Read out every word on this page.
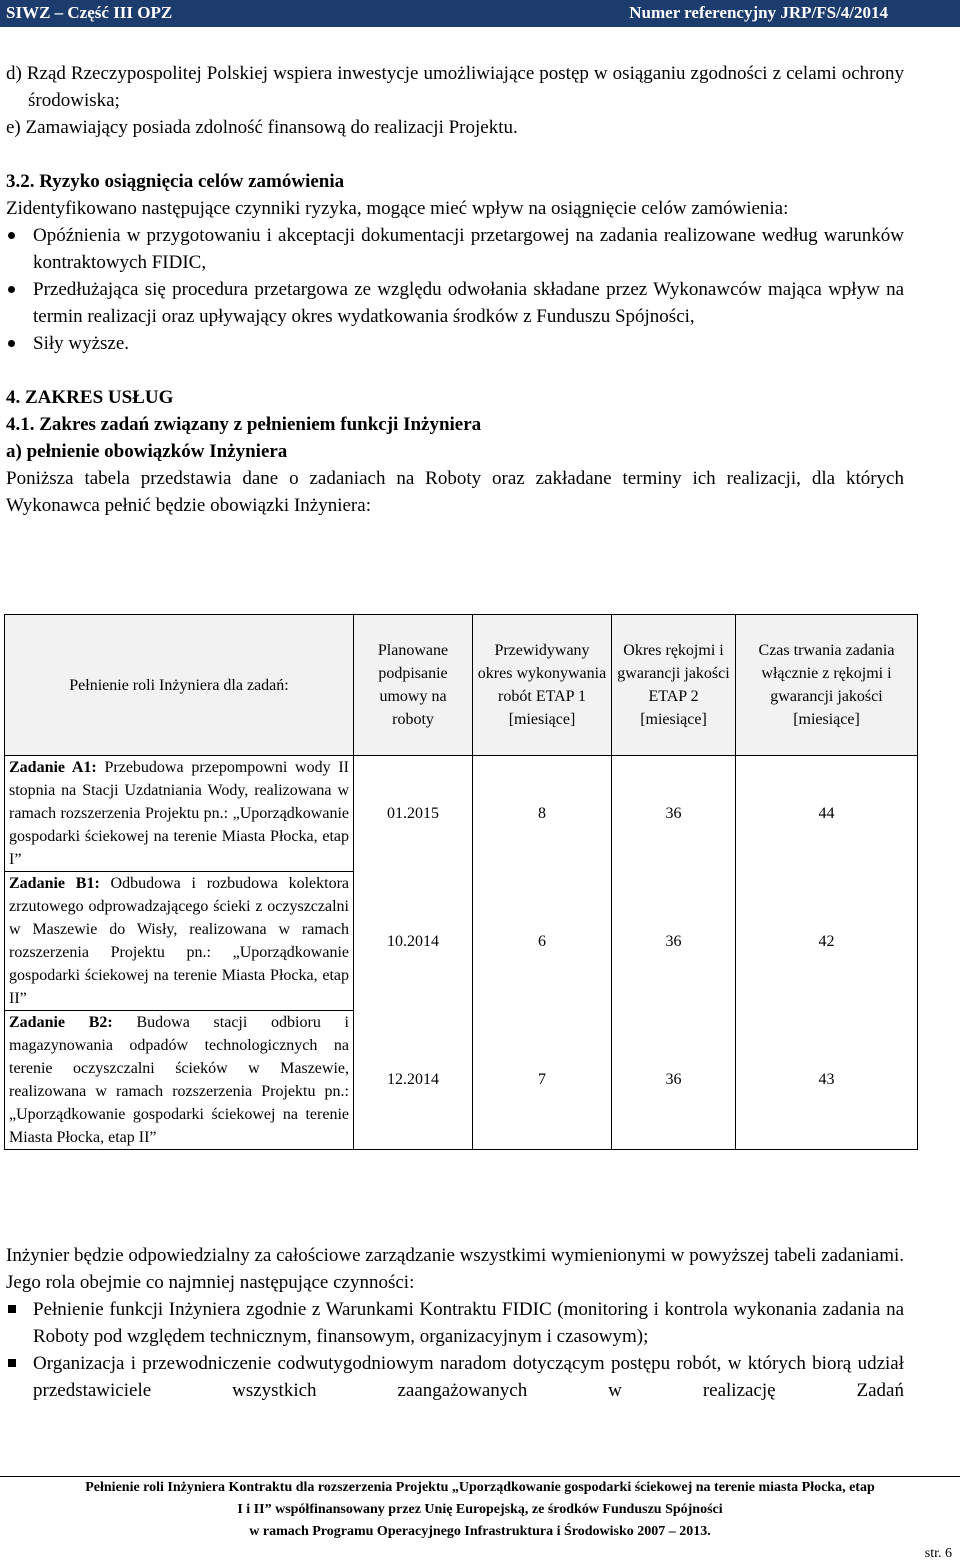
SIWZ – Część III OPZ	Numer referencyjny JRP/FS/4/2014

d) Rząd Rzeczypospolitej Polskiej wspiera inwestycje umożliwiające postęp w osiąganiu zgodności z celami ochrony środowiska;

e) Zamawiający posiada zdolność finansową do realizacji Projektu.

3.2. Ryzyko osiągnięcia celów zamówienia

Zidentyfikowano następujące czynniki ryzyka, mogące mieć wpływ na osiągnięcie celów zamówienia:

Opóźnienia w przygotowaniu i akceptacji dokumentacji przetargowej na zadania realizowane według warunków kontraktowych FIDIC,
Przedłużająca się procedura przetargowa ze względu odwołania składane przez Wykonawców mająca wpływ na termin realizacji oraz upływający okres wydatkowania środków z Funduszu Spójności,
Siły wyższe.

4. ZAKRES USŁUG

4.1. Zakres zadań związany z pełnieniem funkcji Inżyniera

a) pełnienie obowiązków Inżyniera

Poniższa tabela przedstawia dane o zadaniach na Roboty oraz zakładane terminy ich realizacji, dla których Wykonawca pełnić będzie obowiązki Inżyniera:

Pełnienie roli Inżyniera dla zadań:	Planowane podpisanie umowy na roboty	Przewidywany okres wykonywania robót ETAP 1 [miesiące]	Okres rękojmi i gwarancji jakości ETAP 2 [miesiące]	Czas trwania zadania włącznie z rękojmi i gwarancji jakości [miesiące]
Zadanie A1: Przebudowa przepompowni wody II stopnia na Stacji Uzdatniania Wody, realizowana w ramach rozszerzenia Projektu pn.: „Uporządkowanie gospodarki ściekowej na terenie Miasta Płocka, etap I”	01.2015	8	36	44
Zadanie B1: Odbudowa i rozbudowa kolektora zrzutowego odprowadzającego ścieki z oczyszczalni w Maszewie do Wisły, realizowana w ramach rozszerzenia Projektu pn.: „Uporządkowanie gospodarki ściekowej na terenie Miasta Płocka, etap II”	10.2014	6	36	42
Zadanie B2: Budowa stacji odbioru i magazynowania odpadów technologicznych na terenie oczyszczalni ścieków w Maszewie, realizowana w ramach rozszerzenia Projektu pn.: „Uporządkowanie gospodarki ściekowej na terenie Miasta Płocka, etap II”	12.2014	7	36	43

Inżynier będzie odpowiedzialny za całościowe zarządzanie wszystkimi wymienionymi w powyższej tabeli zadaniami. Jego rola obejmie co najmniej następujące czynności:

Pełnienie funkcji Inżyniera zgodnie z Warunkami Kontraktu FIDIC (monitoring i kontrola wykonania zadania na Roboty pod względem technicznym, finansowym, organizacyjnym i czasowym);
Organizacja i przewodniczenie codwutygodniowym naradom dotyczącym postępu robót, w których biorą udział przedstawiciele wszystkich zaangażowanych w realizację Zadań

Pełnienie roli Inżyniera Kontraktu dla rozszerzenia Projektu „Uporządkowanie gospodarki ściekowej na terenie miasta Płocka, etap

I i II” współfinansowany przez Unię Europejską, ze środków Funduszu Spójności

w ramach Programu Operacyjnego Infrastruktura i Środowisko 2007 – 2013.

str. 6
